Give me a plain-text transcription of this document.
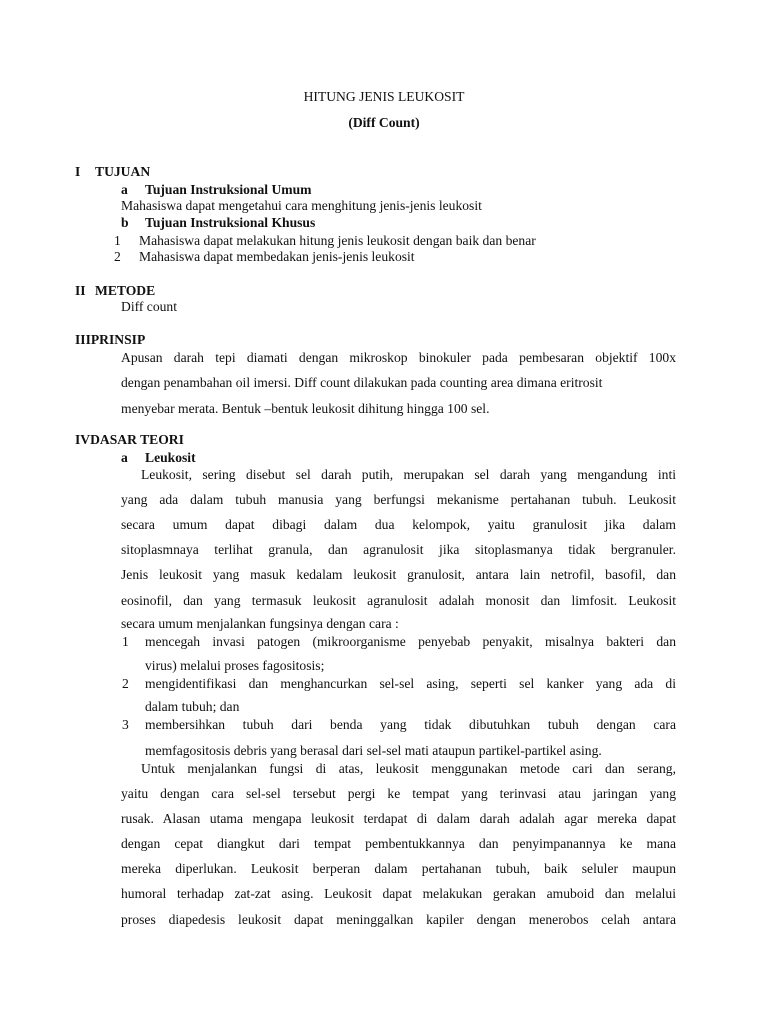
HITUNG JENIS LEUKOSIT
(Diff Count)
I TUJUAN
a Tujuan Instruksional Umum
Mahasiswa dapat mengetahui cara menghitung jenis-jenis leukosit
b Tujuan Instruksional Khusus
1 Mahasiswa dapat melakukan hitung jenis leukosit dengan baik dan benar
2 Mahasiswa dapat membedakan jenis-jenis leukosit
II METODE
Diff count
IIIPRINSIP
Apusan darah tepi diamati dengan mikroskop binokuler pada pembesaran objektif 100x
dengan penambahan oil imersi. Diff count dilakukan pada counting area dimana eritrosit
menyebar merata. Bentuk –bentuk leukosit dihitung hingga 100 sel.
IVDASAR TEORI
a Leukosit
Leukosit, sering disebut sel darah putih, merupakan sel darah yang mengandung inti
yang ada dalam tubuh manusia yang berfungsi mekanisme pertahanan tubuh. Leukosit
secara umum dapat dibagi dalam dua kelompok, yaitu granulosit jika dalam
sitoplasmnaya terlihat granula, dan agranulosit jika sitoplasmanya tidak bergranuler.
Jenis leukosit yang masuk kedalam leukosit granulosit, antara lain netrofil, basofil, dan
eosinofil, dan yang termasuk leukosit agranulosit adalah monosit dan limfosit. Leukosit
secara umum menjalankan fungsinya dengan cara :
1 mencegah invasi patogen (mikroorganisme penyebab penyakit, misalnya bakteri dan
virus) melalui proses fagositosis;
2 mengidentifikasi dan menghancurkan sel-sel asing, seperti sel kanker yang ada di
dalam tubuh; dan
3 membersihkan tubuh dari benda yang tidak dibutuhkan tubuh dengan cara
memfagositosis debris yang berasal dari sel-sel mati ataupun partikel-partikel asing.
Untuk menjalankan fungsi di atas, leukosit menggunakan metode cari dan serang,
yaitu dengan cara sel-sel tersebut pergi ke tempat yang terinvasi atau jaringan yang
rusak. Alasan utama mengapa leukosit terdapat di dalam darah adalah agar mereka dapat
dengan cepat diangkut dari tempat pembentukkannya dan penyimpanannya ke mana
mereka diperlukan. Leukosit berperan dalam pertahanan tubuh, baik seluler maupun
humoral terhadap zat-zat asing. Leukosit dapat melakukan gerakan amuboid dan melalui
proses diapedesis leukosit dapat meninggalkan kapiler dengan menerobos celah antara
